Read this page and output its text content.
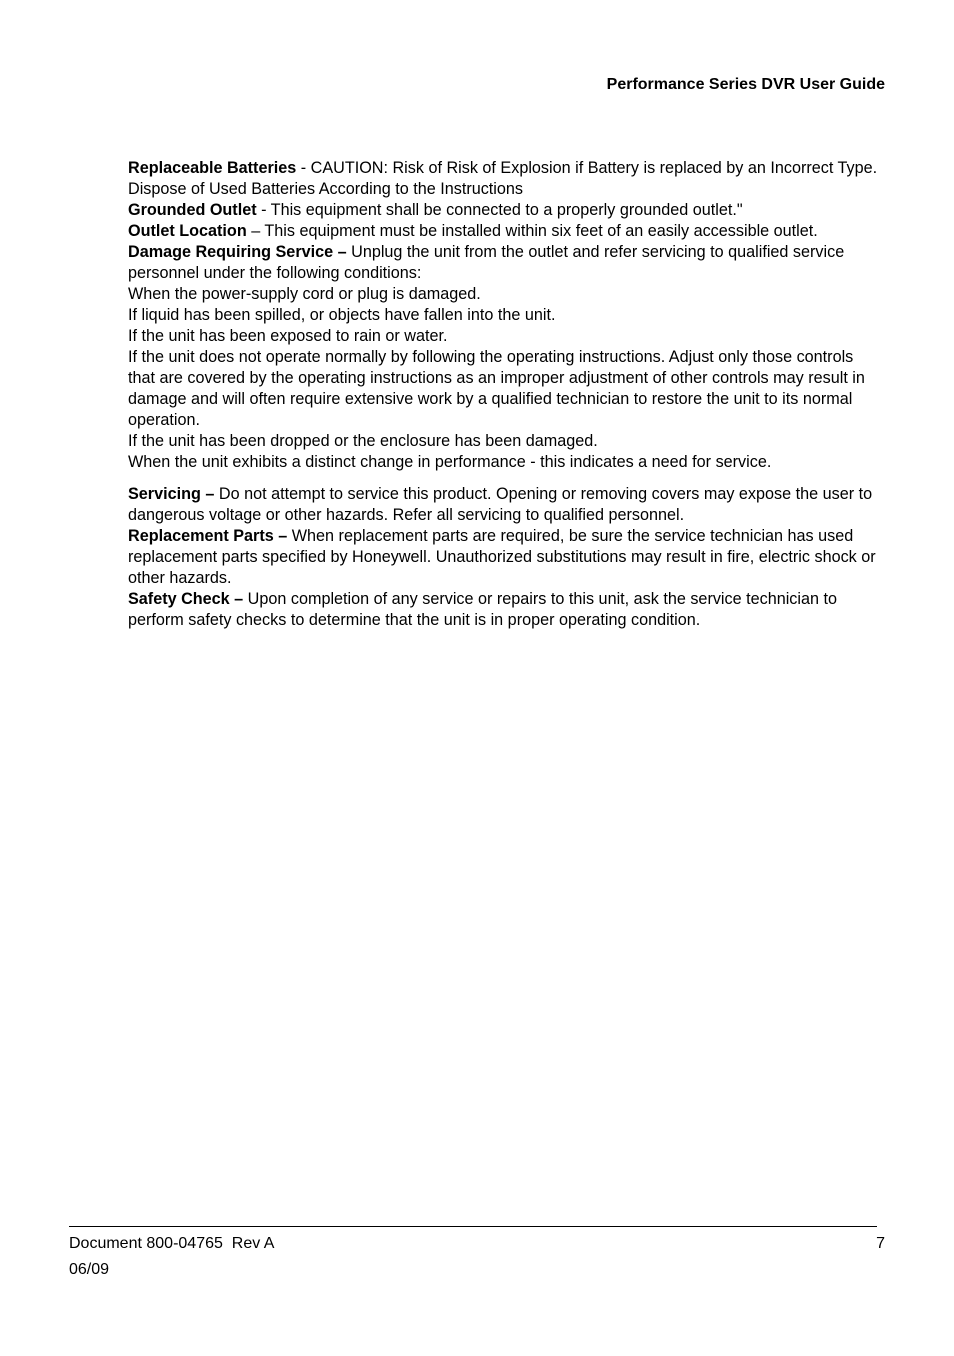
Performance Series DVR User Guide

Replaceable Batteries - CAUTION: Risk of Risk of Explosion if Battery is replaced by an Incorrect Type. Dispose of Used Batteries According to the Instructions

Grounded Outlet - This equipment shall be connected to a properly grounded outlet."

Outlet Location – This equipment must be installed within six feet of an easily accessible outlet.

Damage Requiring Service – Unplug the unit from the outlet and refer servicing to qualified service personnel under the following conditions:

When the power-supply cord or plug is damaged.

If liquid has been spilled, or objects have fallen into the unit.

If the unit has been exposed to rain or water.

If the unit does not operate normally by following the operating instructions. Adjust only those controls that are covered by the operating instructions as an improper adjustment of other controls may result in damage and will often require extensive work by a qualified technician to restore the unit to its normal operation.

If the unit has been dropped or the enclosure has been damaged.

When the unit exhibits a distinct change in performance - this indicates a need for service.

Servicing – Do not attempt to service this product. Opening or removing covers may expose the user to dangerous voltage or other hazards. Refer all servicing to qualified personnel.

Replacement Parts – When replacement parts are required, be sure the service technician has used replacement parts specified by Honeywell. Unauthorized substitutions may result in fire, electric shock or other hazards.

Safety Check – Upon completion of any service or repairs to this unit, ask the service technician to perform safety checks to determine that the unit is in proper operating condition.

Document 800-04765  Rev A
06/09
7
